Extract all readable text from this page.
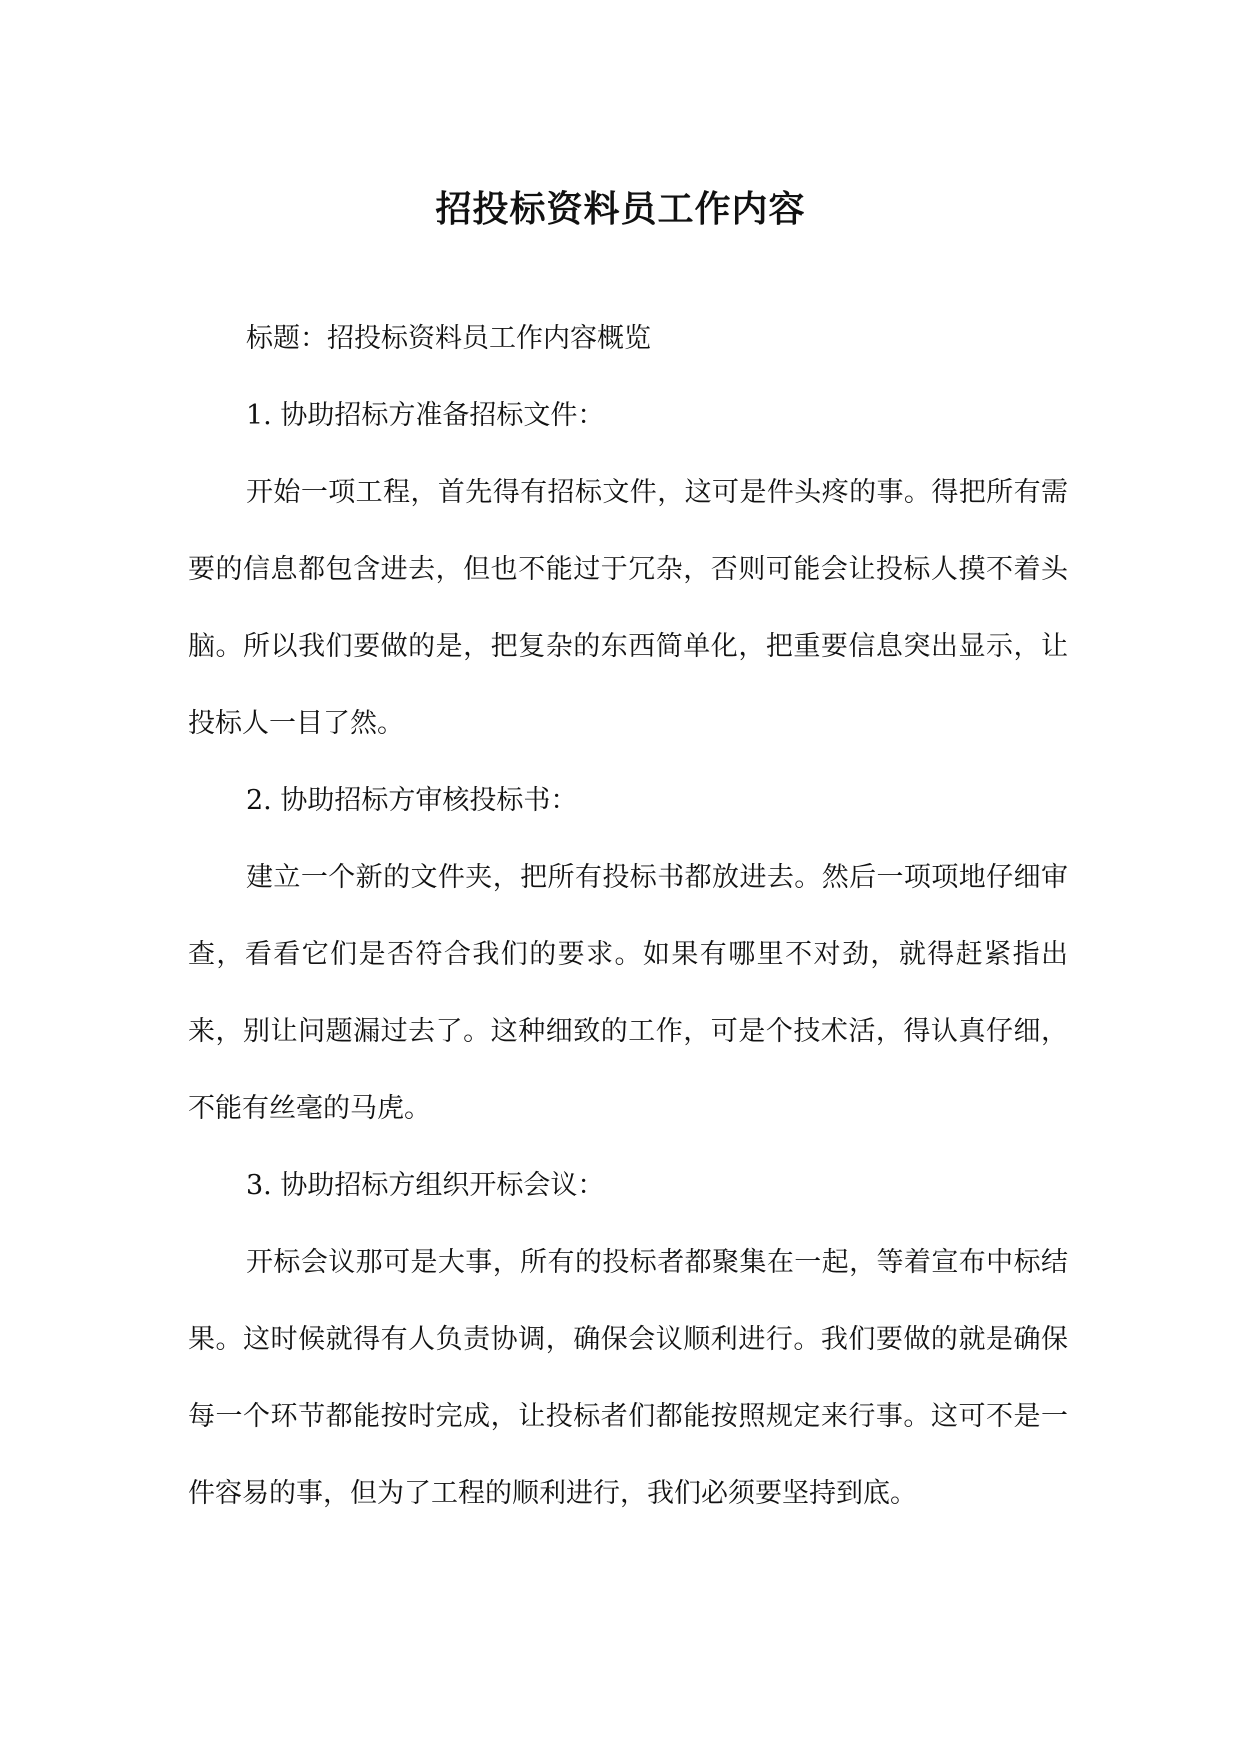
招投标资料员工作内容

标题：招投标资料员工作内容概览

1. 协助招标方准备招标文件：

开始一项工程，首先得有招标文件，这可是件头疼的事。得把所有需要的信息都包含进去，但也不能过于冗杂，否则可能会让投标人摸不着头脑。所以我们要做的是，把复杂的东西简单化，把重要信息突出显示，让投标人一目了然。

2. 协助招标方审核投标书：

建立一个新的文件夹，把所有投标书都放进去。然后一项项地仔细审查，看看它们是否符合我们的要求。如果有哪里不对劲，就得赶紧指出来，别让问题漏过去了。这种细致的工作，可是个技术活，得认真仔细，不能有丝毫的马虎。

3. 协助招标方组织开标会议：

开标会议那可是大事，所有的投标者都聚集在一起，等着宣布中标结果。这时候就得有人负责协调，确保会议顺利进行。我们要做的就是确保每一个环节都能按时完成，让投标者们都能按照规定来行事。这可不是一件容易的事，但为了工程的顺利进行，我们必须要坚持到底。
